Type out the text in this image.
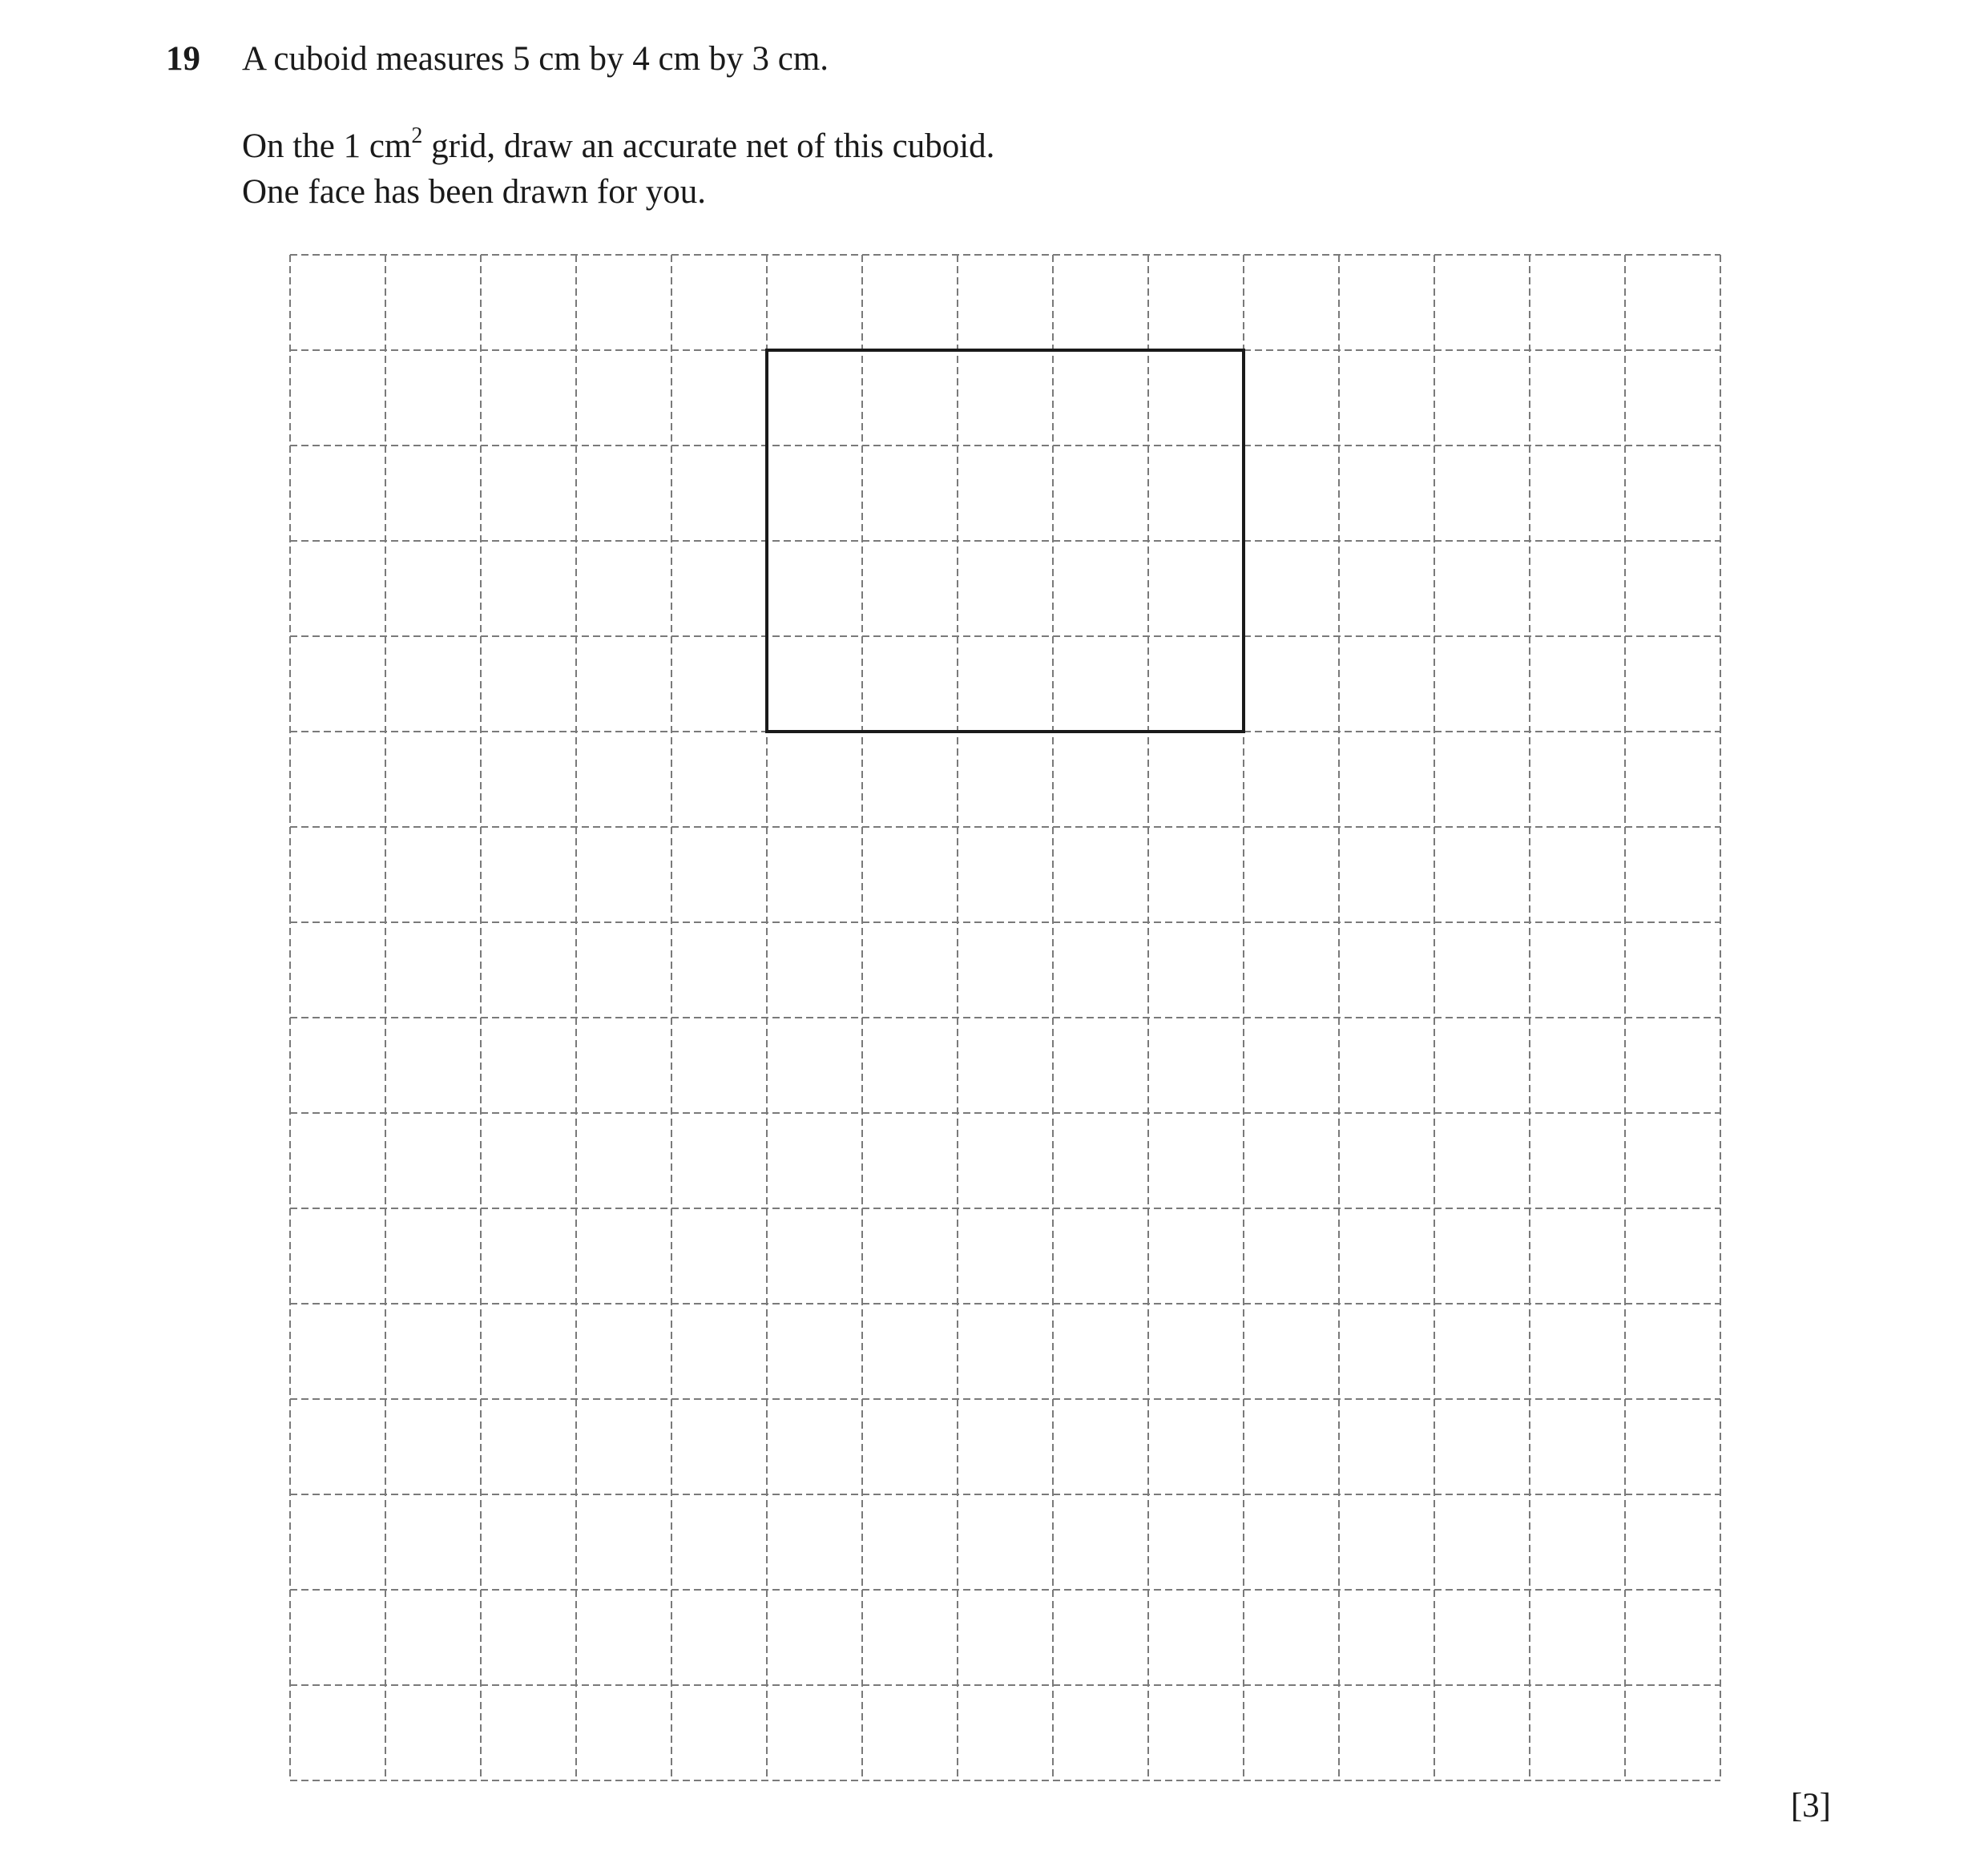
19 A cuboid measures 5 cm by 4 cm by 3 cm.
On the 1 $cm^2$ grid, draw an accurate net of this cuboid.
One face has been drawn for you.
[3]
